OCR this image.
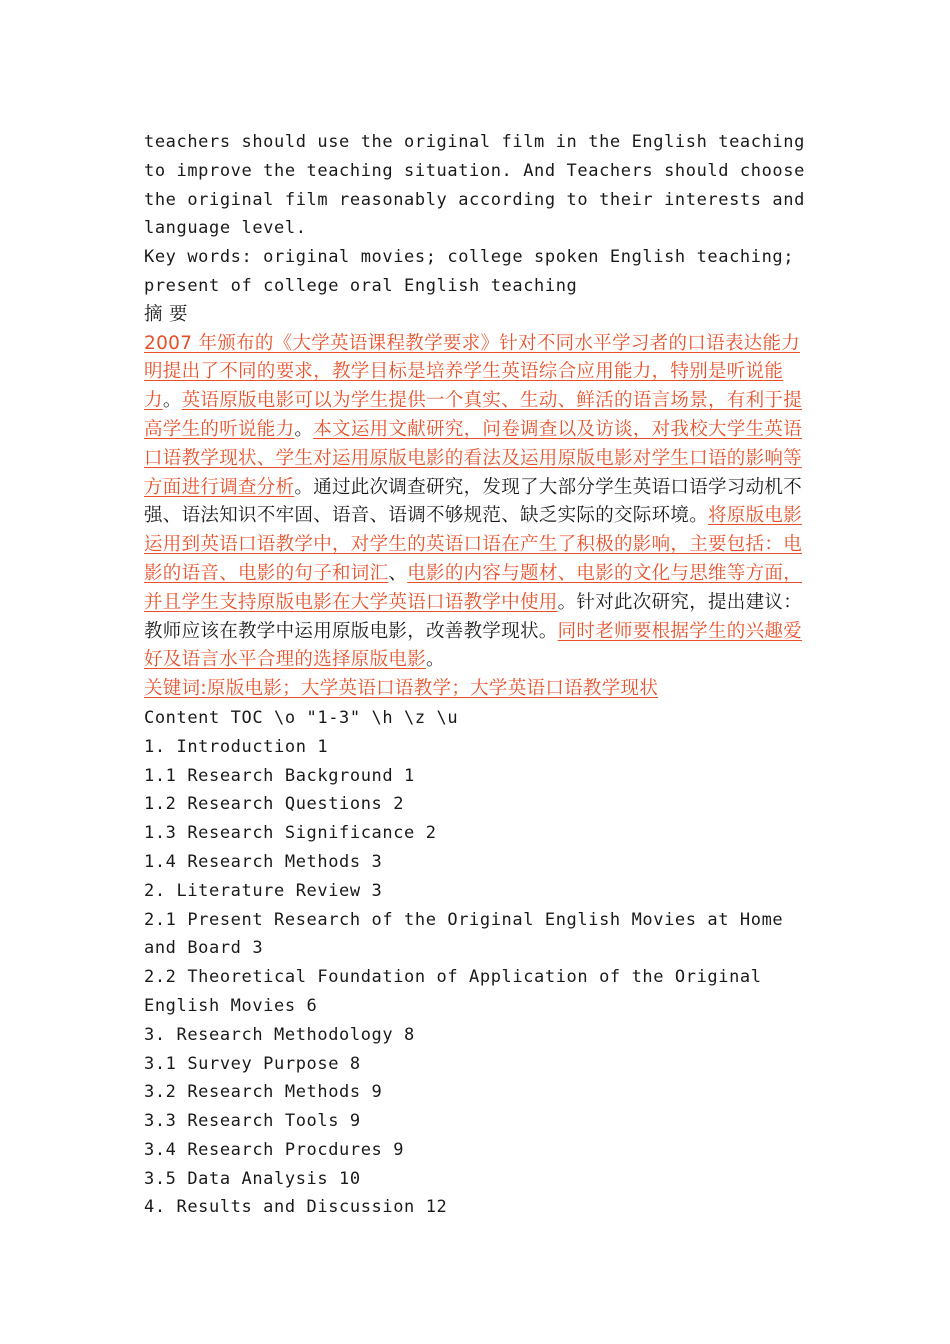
teachers should use the original film in the English teaching to improve the teaching situation. And Teachers should choose the original film reasonably according to their interests and language level.

Key words: original movies; college spoken English teaching; present of college oral English teaching

摘 要

2007 年颁布的《大学英语课程教学要求》针对不同水平学习者的口语表达能力明提出了不同的要求，教学目标是培养学生英语综合应用能力，特别是听说能力。英语原版电影可以为学生提供一个真实、生动、鲜活的语言场景，有利于提高学生的听说能力。本文运用文献研究，问卷调查以及访谈，对我校大学生英语口语教学现状、学生对运用原版电影的看法及运用原版电影对学生口语的影响等方面进行调查分析。通过此次调查研究，发现了大部分学生英语口语学习动机不强、语法知识不牢固、语音、语调不够规范、缺乏实际的交际环境。将原版电影运用到英语口语教学中，对学生的英语口语在产生了积极的影响，主要包括：电影的语音、电影的句子和词汇、电影的内容与题材、电影的文化与思维等方面，并且学生支持原版电影在大学英语口语教学中使用。针对此次研究，提出建议：教师应该在教学中运用原版电影，改善教学现状。同时老师要根据学生的兴趣爱好及语言水平合理的选择原版电影。

关键词:原版电影；大学英语口语教学；大学英语口语教学现状

Content TOC \o "1-3" \h \z \u

1. Introduction 1

1.1 Research Background 1

1.2 Research Questions 2

1.3 Research Significance 2

1.4 Research Methods 3

2. Literature Review 3

2.1 Present Research of the Original English Movies at Home and Board 3

2.2 Theoretical Foundation of Application of the Original English Movies 6

3. Research Methodology 8

3.1 Survey Purpose 8

3.2 Research Methods 9

3.3 Research Tools 9

3.4 Research Procdures 9

3.5 Data Analysis 10

4. Results and Discussion 12
